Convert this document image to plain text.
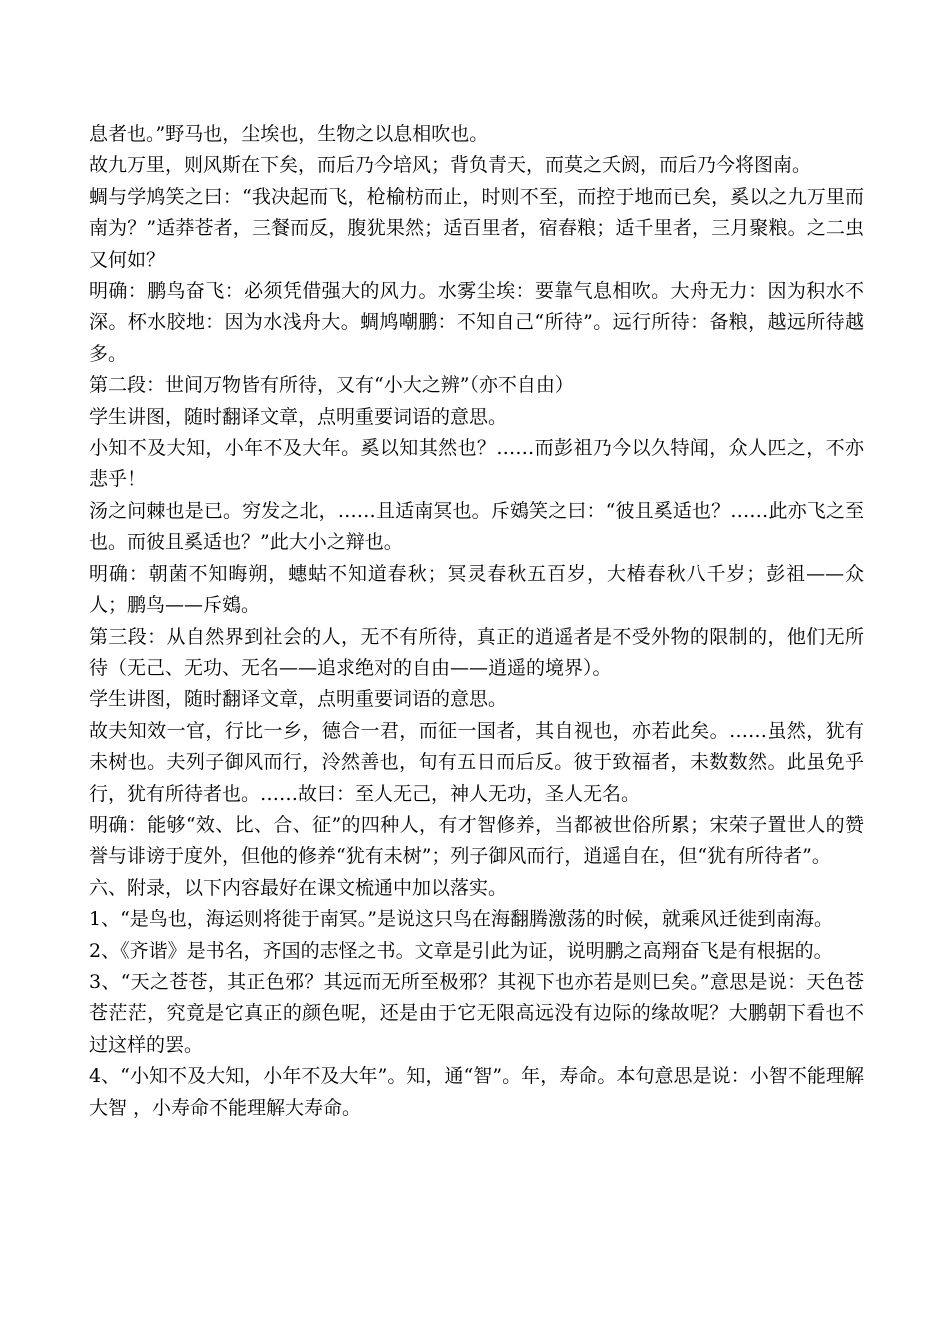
息者也。”野马也，尘埃也，生物之以息相吹也。

故九万里，则风斯在下矣，而后乃今培风；背负青天，而莫之夭阏，而后乃今将图南。

蜩与学鸠笑之曰：“我决起而飞，枪榆枋而止，时则不至，而控于地而已矣，奚以之九万里而南为？”适莽苍者，三餐而反，腹犹果然；适百里者，宿舂粮；适千里者，三月聚粮。之二虫又何如？

明确：鹏鸟奋飞：必须凭借强大的风力。水雾尘埃：要靠气息相吹。大舟无力：因为积水不深。杯水胶地：因为水浅舟大。蜩鸠嘲鹏：不知自己“所待”。远行所待：备粮，越远所待越多。

第二段：世间万物皆有所待，又有“小大之辨”（亦不自由）

学生讲图，随时翻译文章，点明重要词语的意思。

小知不及大知，小年不及大年。奚以知其然也？……而彭祖乃今以久特闻，众人匹之，不亦悲乎！

汤之问棘也是已。穷发之北，……且适南冥也。斥鴳笑之曰：“彼且奚适也？……此亦飞之至也。而彼且奚适也？”此大小之辩也。

明确：朝菌不知晦朔，蟪蛄不知道春秋；冥灵春秋五百岁，大椿春秋八千岁；彭祖——众人；鹏鸟——斥鴳。

第三段：从自然界到社会的人，无不有所待，真正的逍遥者是不受外物的限制的，他们无所待（无己、无功、无名——追求绝对的自由——逍遥的境界）。

学生讲图，随时翻译文章，点明重要词语的意思。

故夫知效一官，行比一乡，德合一君，而征一国者，其自视也，亦若此矣。……虽然，犹有未树也。夫列子御风而行，泠然善也，旬有五日而后反。彼于致福者，未数数然。此虽免乎行，犹有所待者也。……故曰：至人无己，神人无功，圣人无名。

明确：能够“效、比、合、征”的四种人，有才智修养，当都被世俗所累；宋荣子置世人的赞誉与诽谤于度外，但他的修养“犹有未树”；列子御风而行，逍遥自在，但“犹有所待者”。

六、附录，以下内容最好在课文梳通中加以落实。

1、“是鸟也，海运则将徙于南冥。”是说这只鸟在海翻腾激荡的时候，就乘风迁徙到南海。

2、《齐谐》是书名，齐国的志怪之书。文章是引此为证，说明鹏之高翔奋飞是有根据的。

3、“天之苍苍，其正色邪？其远而无所至极邪？其视下也亦若是则巳矣。”意思是说：天色苍苍茫茫，究竟是它真正的颜色呢，还是由于它无限高远没有边际的缘故呢？大鹏朝下看也不过这样的罢。

4、“小知不及大知，小年不及大年”。知，通“智”。年，寿命。本句意思是说：小智不能理解大智 ，小寿命不能理解大寿命。
